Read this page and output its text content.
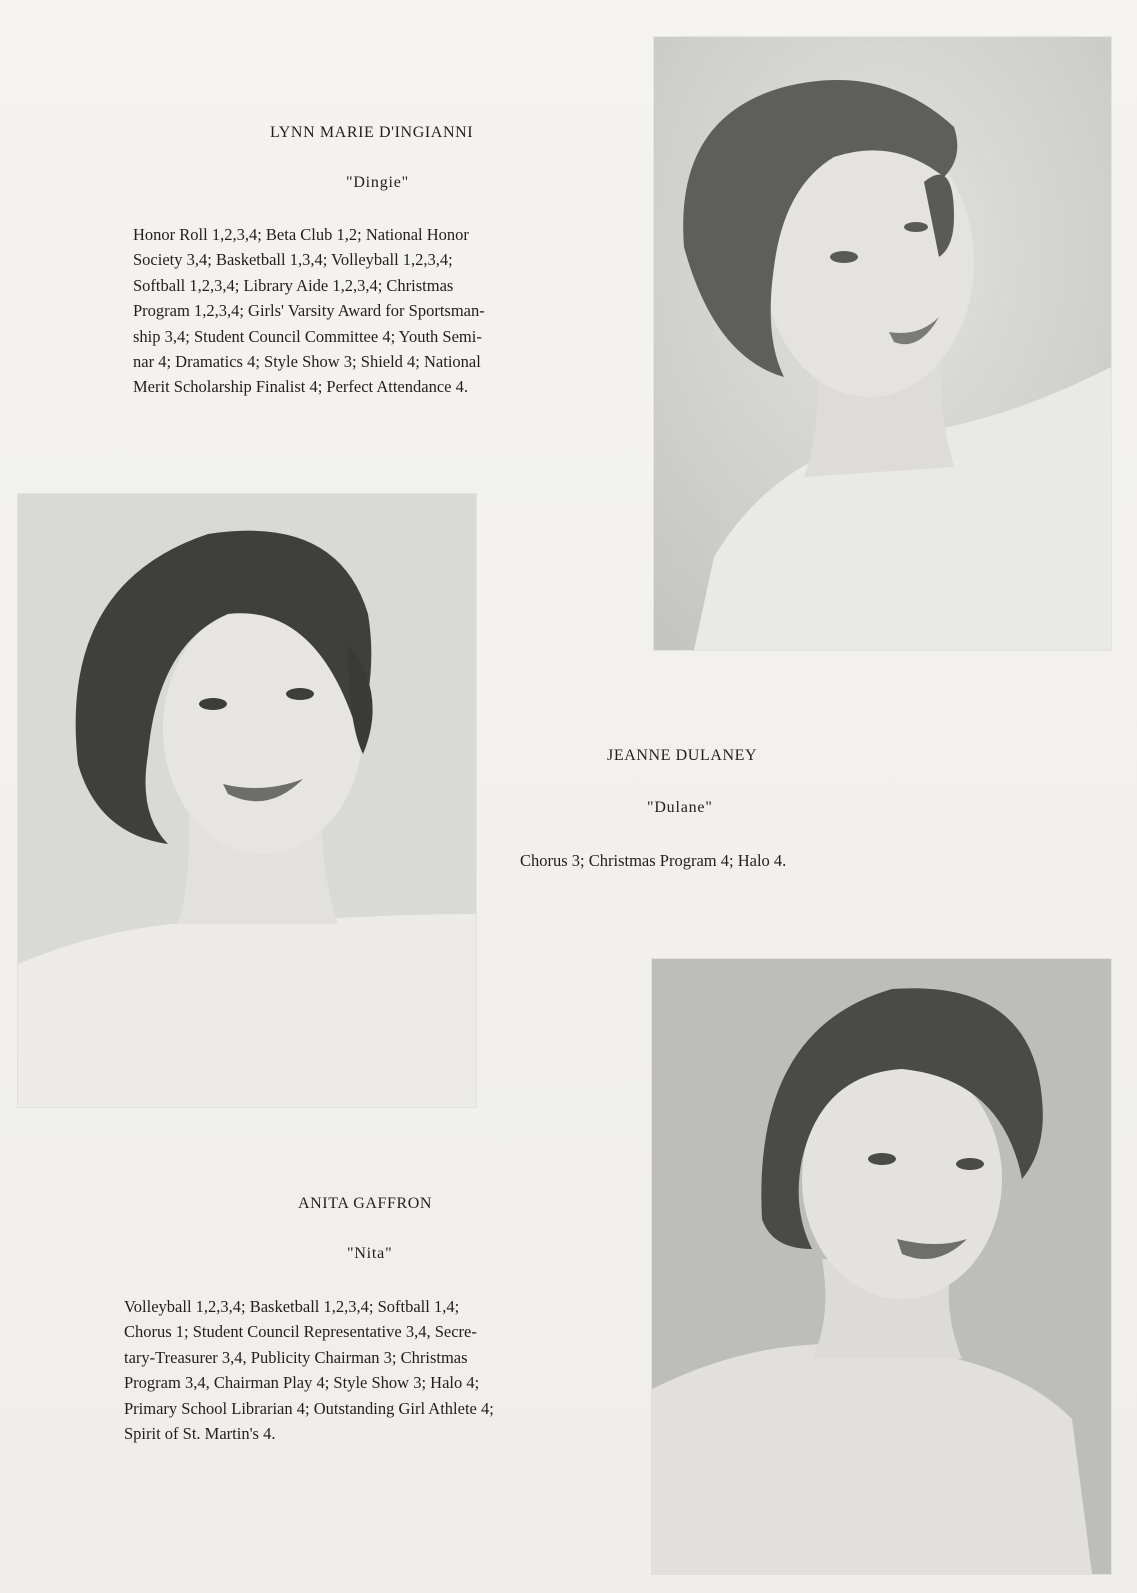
LYNN MARIE D'INGIANNI
"Dingie"
Honor Roll 1,2,3,4; Beta Club 1,2; National Honor
Society 3,4; Basketball 1,3,4; Volleyball 1,2,3,4;
Softball 1,2,3,4; Library Aide 1,2,3,4; Christmas
Program 1,2,3,4; Girls' Varsity Award for Sportsman-
ship 3,4; Student Council Committee 4; Youth Semi-
nar 4; Dramatics 4; Style Show 3; Shield 4; National
Merit Scholarship Finalist 4; Perfect Attendance 4.
JEANNE DULANEY
"Dulane"
Chorus 3; Christmas Program 4; Halo 4.
ANITA GAFFRON
"Nita"
Volleyball 1,2,3,4; Basketball 1,2,3,4; Softball 1,4;
Chorus 1; Student Council Representative 3,4, Secre-
tary-Treasurer 3,4, Publicity Chairman 3; Christmas
Program 3,4, Chairman Play 4; Style Show 3; Halo 4;
Primary School Librarian 4; Outstanding Girl Athlete 4;
Spirit of St. Martin's 4.
